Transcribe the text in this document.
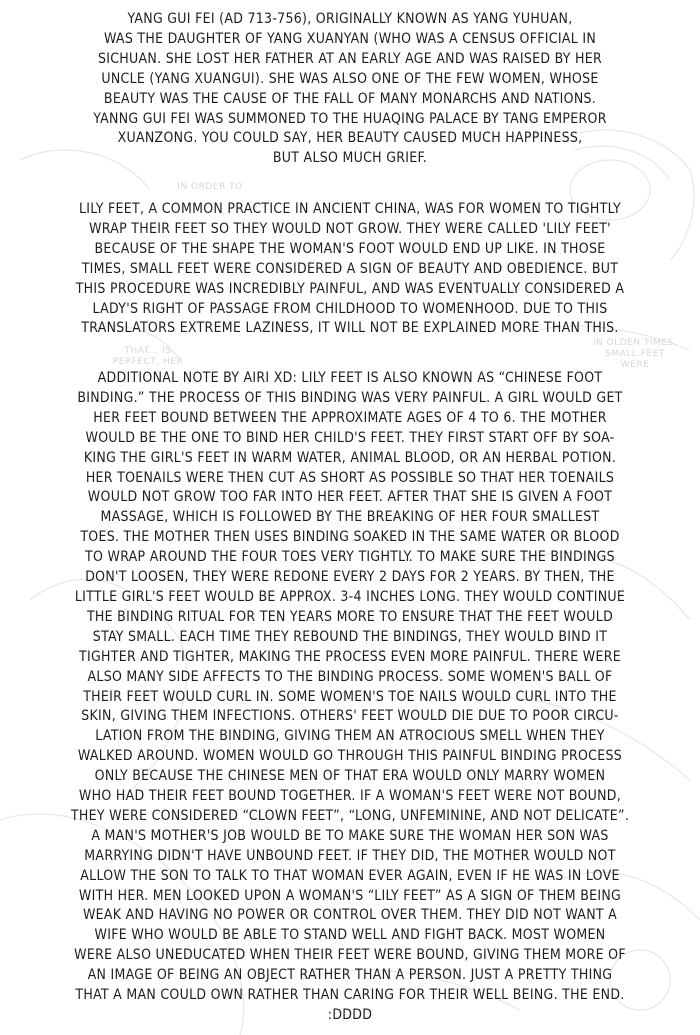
IN ORDER TO
THAT... IS PERFECT, HER
IN OLDEN TIMES, SMALL FEET WERE
YANG GUI FEI (AD 713-756), ORIGINALLY KNOWN AS YANG YUHUAN,
WAS THE DAUGHTER OF YANG XUANYAN (WHO WAS A CENSUS OFFICIAL IN
SICHUAN. SHE LOST HER FATHER AT AN EARLY AGE AND WAS RAISED BY HER
UNCLE (YANG XUANGUI). SHE WAS ALSO ONE OF THE FEW WOMEN, WHOSE
BEAUTY WAS THE CAUSE OF THE FALL OF MANY MONARCHS AND NATIONS.
YANNG GUI FEI WAS SUMMONED TO THE HUAQING PALACE BY TANG EMPEROR
XUANZONG. YOU COULD SAY, HER BEAUTY CAUSED MUCH HAPPINESS,
BUT ALSO MUCH GRIEF.
LILY FEET, A COMMON PRACTICE IN ANCIENT CHINA, WAS FOR WOMEN TO TIGHTLY
WRAP THEIR FEET SO THEY WOULD NOT GROW. THEY WERE CALLED 'LILY FEET'
BECAUSE OF THE SHAPE THE WOMAN'S FOOT WOULD END UP LIKE. IN THOSE
TIMES, SMALL FEET WERE CONSIDERED A SIGN OF BEAUTY AND OBEDIENCE. BUT
THIS PROCEDURE WAS INCREDIBLY PAINFUL, AND WAS EVENTUALLY CONSIDERED A
LADY'S RIGHT OF PASSAGE FROM CHILDHOOD TO WOMENHOOD. DUE TO THIS
TRANSLATORS EXTREME LAZINESS, IT WILL NOT BE EXPLAINED MORE THAN THIS.
ADDITIONAL NOTE BY AIRI XD: LILY FEET IS ALSO KNOWN AS “CHINESE FOOT
BINDING.” THE PROCESS OF THIS BINDING WAS VERY PAINFUL. A GIRL WOULD GET
HER FEET BOUND BETWEEN THE APPROXIMATE AGES OF 4 TO 6. THE MOTHER
WOULD BE THE ONE TO BIND HER CHILD'S FEET. THEY FIRST START OFF BY SOA-
KING THE GIRL'S FEET IN WARM WATER, ANIMAL BLOOD, OR AN HERBAL POTION.
HER TOENAILS WERE THEN CUT AS SHORT AS POSSIBLE SO THAT HER TOENAILS
WOULD NOT GROW TOO FAR INTO HER FEET. AFTER THAT SHE IS GIVEN A FOOT
MASSAGE, WHICH IS FOLLOWED BY THE BREAKING OF HER FOUR SMALLEST
TOES. THE MOTHER THEN USES BINDING SOAKED IN THE SAME WATER OR BLOOD
TO WRAP AROUND THE FOUR TOES VERY TIGHTLY. TO MAKE SURE THE BINDINGS
DON'T LOOSEN, THEY WERE REDONE EVERY 2 DAYS FOR 2 YEARS. BY THEN, THE
LITTLE GIRL'S FEET WOULD BE APPROX. 3-4 INCHES LONG. THEY WOULD CONTINUE
THE BINDING RITUAL FOR TEN YEARS MORE TO ENSURE THAT THE FEET WOULD
STAY SMALL. EACH TIME THEY REBOUND THE BINDINGS, THEY WOULD BIND IT
TIGHTER AND TIGHTER, MAKING THE PROCESS EVEN MORE PAINFUL. THERE WERE
ALSO MANY SIDE AFFECTS TO THE BINDING PROCESS. SOME WOMEN'S BALL OF
THEIR FEET WOULD CURL IN. SOME WOMEN'S TOE NAILS WOULD CURL INTO THE
SKIN, GIVING THEM INFECTIONS. OTHERS' FEET WOULD DIE DUE TO POOR CIRCU-
LATION FROM THE BINDING, GIVING THEM AN ATROCIOUS SMELL WHEN THEY
WALKED AROUND. WOMEN WOULD GO THROUGH THIS PAINFUL BINDING PROCESS
ONLY BECAUSE THE CHINESE MEN OF THAT ERA WOULD ONLY MARRY WOMEN
WHO HAD THEIR FEET BOUND TOGETHER. IF A WOMAN'S FEET WERE NOT BOUND,
THEY WERE CONSIDERED “CLOWN FEET”, “LONG, UNFEMININE, AND NOT DELICATE”.
A MAN'S MOTHER'S JOB WOULD BE TO MAKE SURE THE WOMAN HER SON WAS
MARRYING DIDN'T HAVE UNBOUND FEET. IF THEY DID, THE MOTHER WOULD NOT
ALLOW THE SON TO TALK TO THAT WOMAN EVER AGAIN, EVEN IF HE WAS IN LOVE
WITH HER. MEN LOOKED UPON A WOMAN'S “LILY FEET” AS A SIGN OF THEM BEING
WEAK AND HAVING NO POWER OR CONTROL OVER THEM. THEY DID NOT WANT A
WIFE WHO WOULD BE ABLE TO STAND WELL AND FIGHT BACK. MOST WOMEN
WERE ALSO UNEDUCATED WHEN THEIR FEET WERE BOUND, GIVING THEM MORE OF
AN IMAGE OF BEING AN OBJECT RATHER THAN A PERSON. JUST A PRETTY THING
THAT A MAN COULD OWN RATHER THAN CARING FOR THEIR WELL BEING. THE END.
:DDDD
